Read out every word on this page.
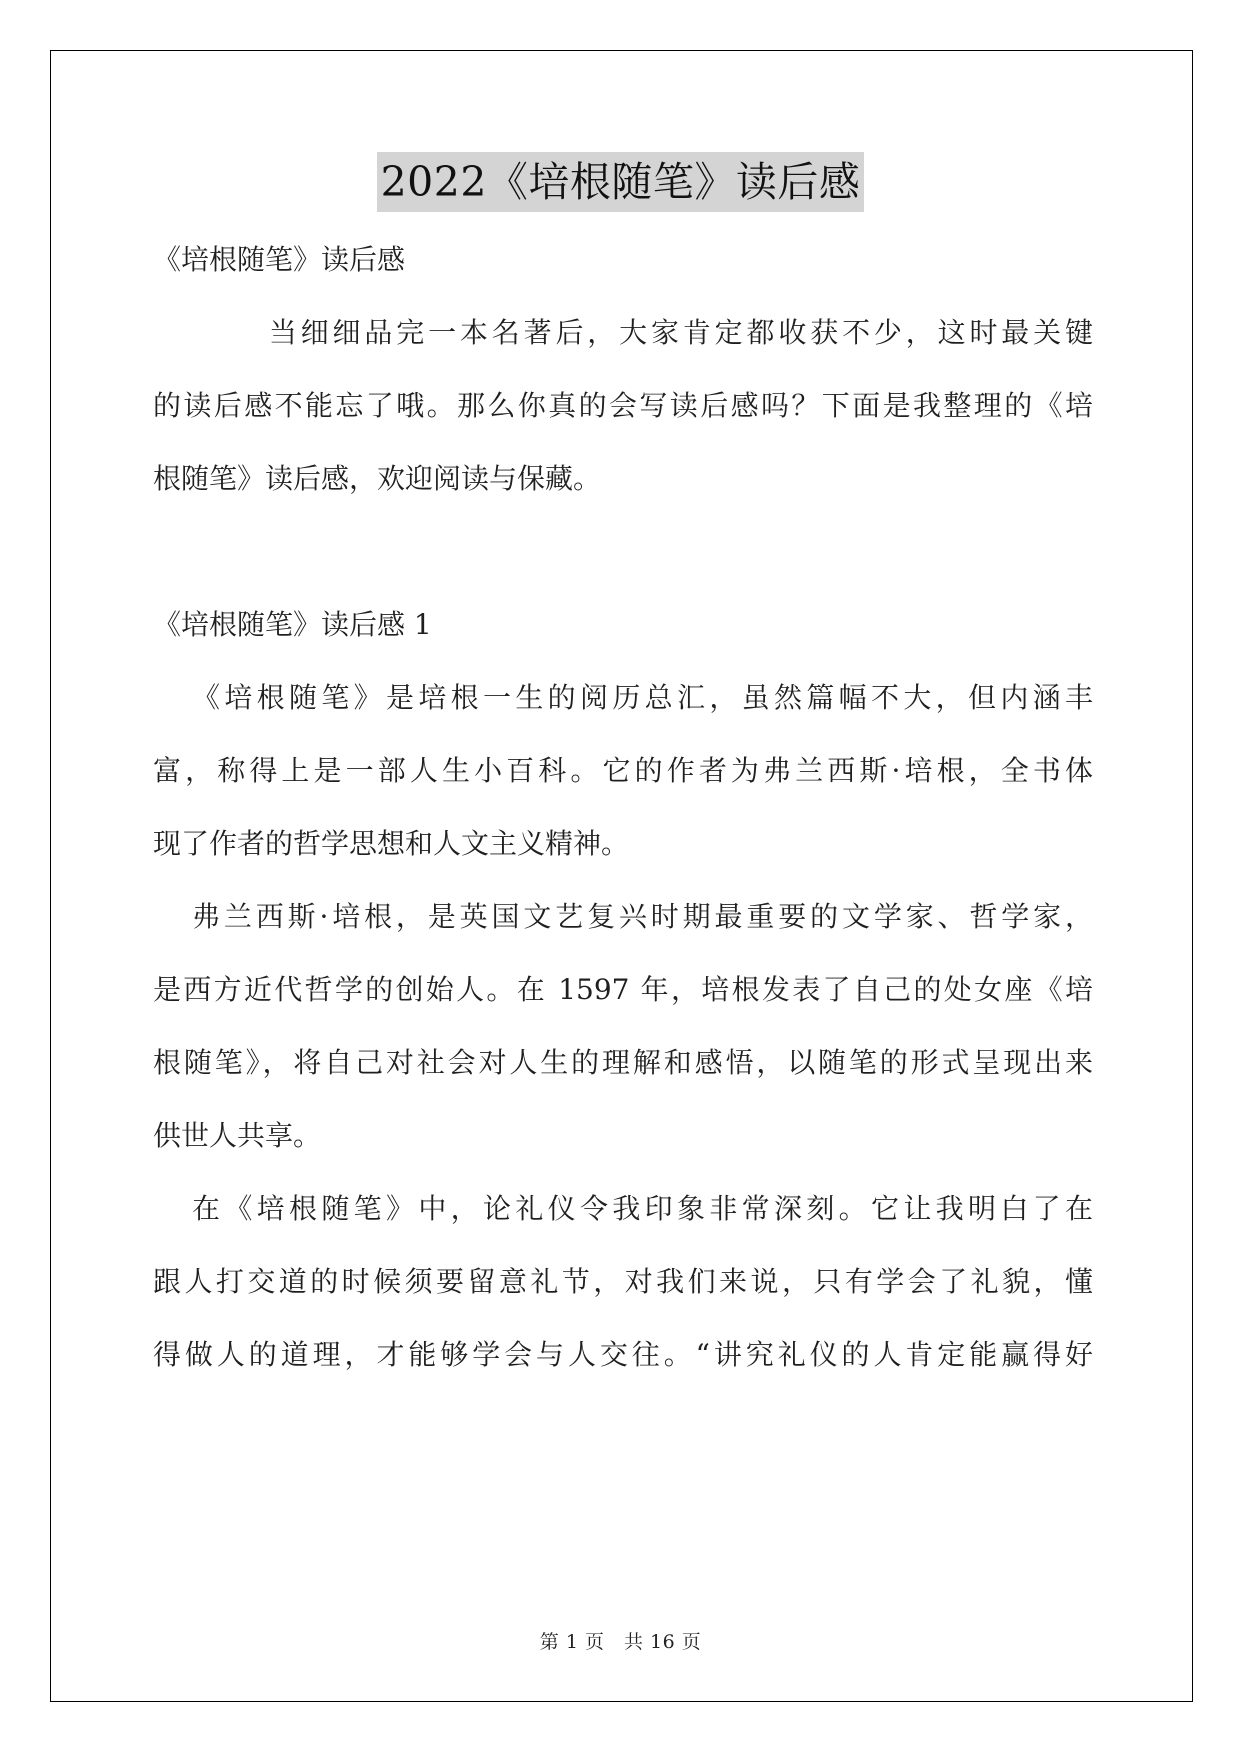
2022《培根随笔》读后感
《培根随笔》读后感
当细细品完一本名著后，大家肯定都收获不少，这时最关键
的读后感不能忘了哦。那么你真的会写读后感吗？下面是我整理的《培
根随笔》读后感，欢迎阅读与保藏。
《培根随笔》读后感 1
《培根随笔》是培根一生的阅历总汇，虽然篇幅不大，但内涵丰
富，称得上是一部人生小百科。它的作者为弗兰西斯·培根，全书体
现了作者的哲学思想和人文主义精神。
弗兰西斯·培根，是英国文艺复兴时期最重要的文学家、哲学家，
是西方近代哲学的创始人。在 1597 年，培根发表了自己的处女座《培
根随笔》，将自己对社会对人生的理解和感悟，以随笔的形式呈现出来
供世人共享。
在《培根随笔》中，论礼仪令我印象非常深刻。它让我明白了在
跟人打交道的时候须要留意礼节，对我们来说，只有学会了礼貌，懂
得做人的道理，才能够学会与人交往。“讲究礼仪的人肯定能赢得好
第 1 页　共 16 页
